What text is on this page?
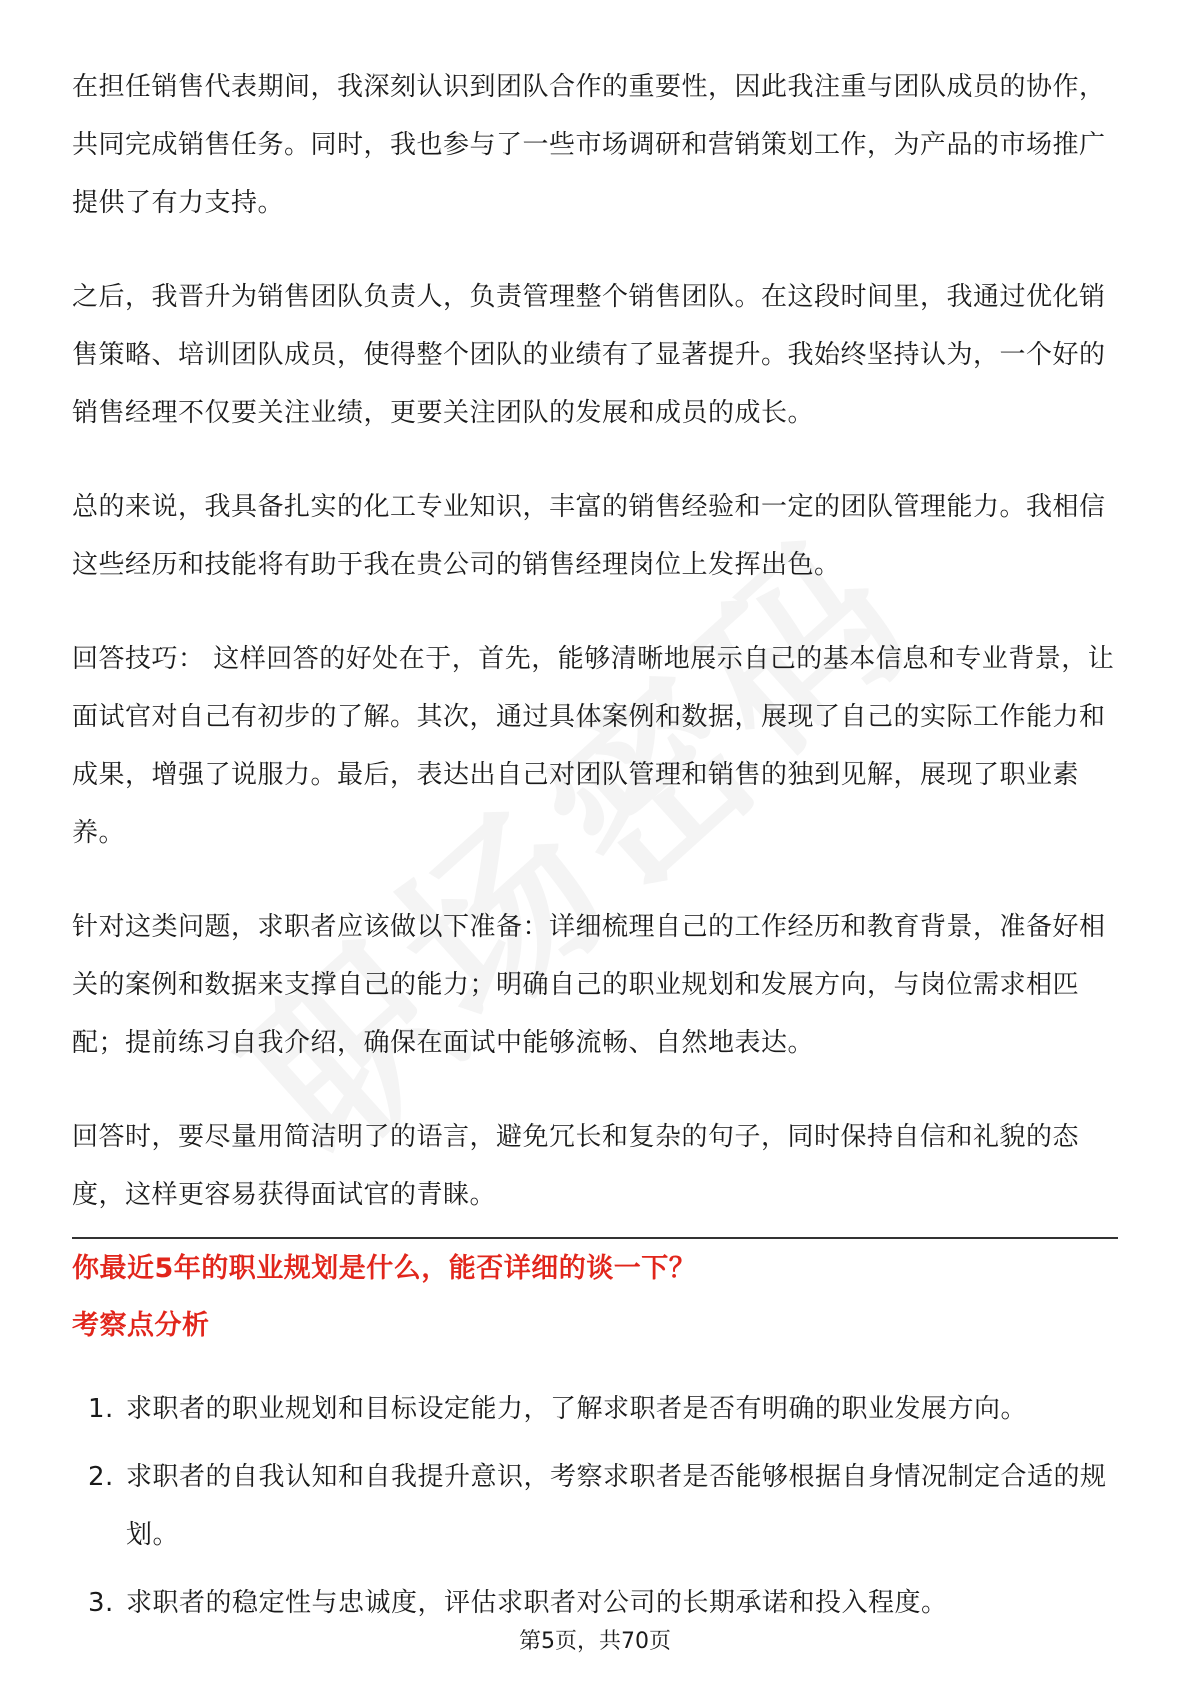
在担任销售代表期间，我深刻认识到团队合作的重要性，因此我注重与团队成员的协作，共同完成销售任务。同时，我也参与了一些市场调研和营销策划工作，为产品的市场推广提供了有力支持。

之后，我晋升为销售团队负责人，负责管理整个销售团队。在这段时间里，我通过优化销售策略、培训团队成员，使得整个团队的业绩有了显著提升。我始终坚持认为，一个好的销售经理不仅要关注业绩，更要关注团队的发展和成员的成长。

总的来说，我具备扎实的化工专业知识，丰富的销售经验和一定的团队管理能力。我相信这些经历和技能将有助于我在贵公司的销售经理岗位上发挥出色。

回答技巧： 这样回答的好处在于，首先，能够清晰地展示自己的基本信息和专业背景，让面试官对自己有初步的了解。其次，通过具体案例和数据，展现了自己的实际工作能力和成果，增强了说服力。最后，表达出自己对团队管理和销售的独到见解，展现了职业素养。

针对这类问题，求职者应该做以下准备：详细梳理自己的工作经历和教育背景，准备好相关的案例和数据来支撑自己的能力；明确自己的职业规划和发展方向，与岗位需求相匹配；提前练习自我介绍，确保在面试中能够流畅、自然地表达。

回答时，要尽量用简洁明了的语言，避免冗长和复杂的句子，同时保持自信和礼貌的态度，这样更容易获得面试官的青睐。

你最近5年的职业规划是什么，能否详细的谈一下？
考察点分析
1. 求职者的职业规划和目标设定能力，了解求职者是否有明确的职业发展方向。
2. 求职者的自我认知和自我提升意识，考察求职者是否能够根据自身情况制定合适的规划。
3. 求职者的稳定性与忠诚度，评估求职者对公司的长期承诺和投入程度。
第5页，共70页
